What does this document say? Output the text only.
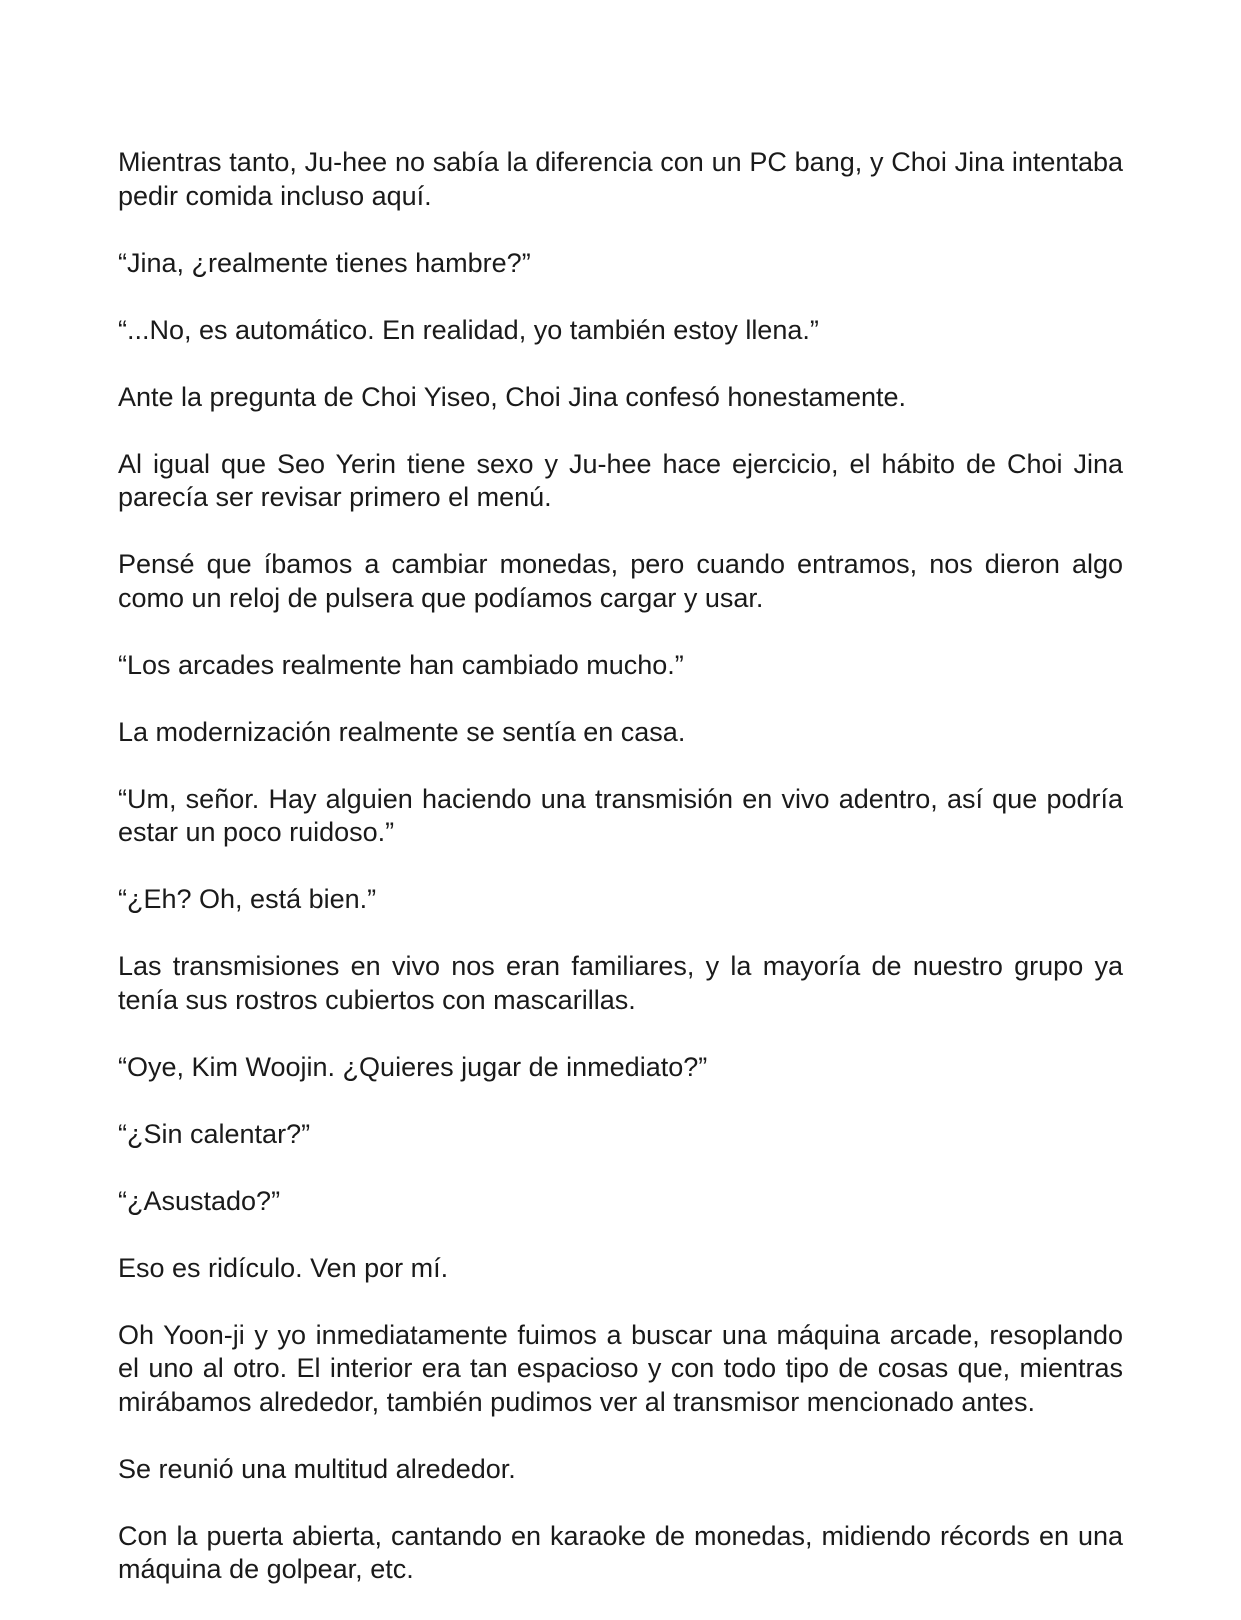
Mientras tanto, Ju-hee no sabía la diferencia con un PC bang, y Choi Jina intentaba pedir comida incluso aquí.

“Jina, ¿realmente tienes hambre?”

“...No, es automático. En realidad, yo también estoy llena.”

Ante la pregunta de Choi Yiseo, Choi Jina confesó honestamente.

Al igual que Seo Yerin tiene sexo y Ju-hee hace ejercicio, el hábito de Choi Jina parecía ser revisar primero el menú.

Pensé que íbamos a cambiar monedas, pero cuando entramos, nos dieron algo como un reloj de pulsera que podíamos cargar y usar.

“Los arcades realmente han cambiado mucho.”

La modernización realmente se sentía en casa.

“Um, señor. Hay alguien haciendo una transmisión en vivo adentro, así que podría estar un poco ruidoso.”

“¿Eh? Oh, está bien.”

Las transmisiones en vivo nos eran familiares, y la mayoría de nuestro grupo ya tenía sus rostros cubiertos con mascarillas.

“Oye, Kim Woojin. ¿Quieres jugar de inmediato?”

“¿Sin calentar?”

“¿Asustado?”

Eso es ridículo. Ven por mí.

Oh Yoon-ji y yo inmediatamente fuimos a buscar una máquina arcade, resoplando el uno al otro. El interior era tan espacioso y con todo tipo de cosas que, mientras mirábamos alrededor, también pudimos ver al transmisor mencionado antes.

Se reunió una multitud alrededor.

Con la puerta abierta, cantando en karaoke de monedas, midiendo récords en una máquina de golpear, etc.
